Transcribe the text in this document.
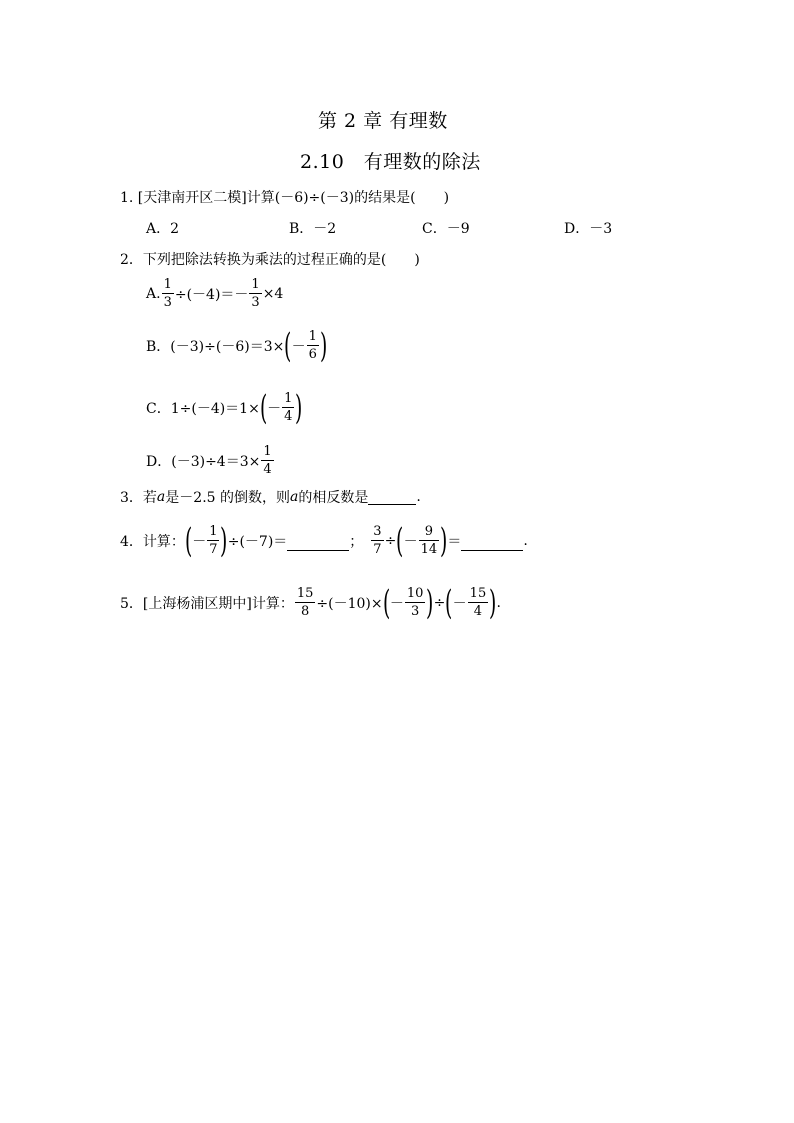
第 2 章 有理数
2.10　有理数的除法
1. [天津南开区二模]计算(－6)÷(－3)的结果是(　　)
A．2	B．－2	C．－9	D．－3
2．下列把除法转换为乘法的过程正确的是(　　)
A. $\frac{1}{3} \div(-4)=- \frac{1}{3} \times 4$
B． (－3)÷(－6)＝3× ( － $\frac{1}{6}$ )
C． 1÷(－4)＝1× ( － $\frac{1}{4}$ )
D． $(-3)\div 4=3\times \frac{1}{4}$
3．若 a 是－2.5 的倒数，则 a 的相反数是	.
4．计算： ( － $\frac{1}{7}$ ) ÷(－7)＝	； $\frac{3}{7}$ ÷ ( － $\frac{9}{14}$ ) ＝	.
5．[上海杨浦区期中]计算： $\frac{15}{8} \div(-10)\times$ ( － $\frac{10}{3}$ ) ÷ ( － $\frac{15}{4}$ ) .
